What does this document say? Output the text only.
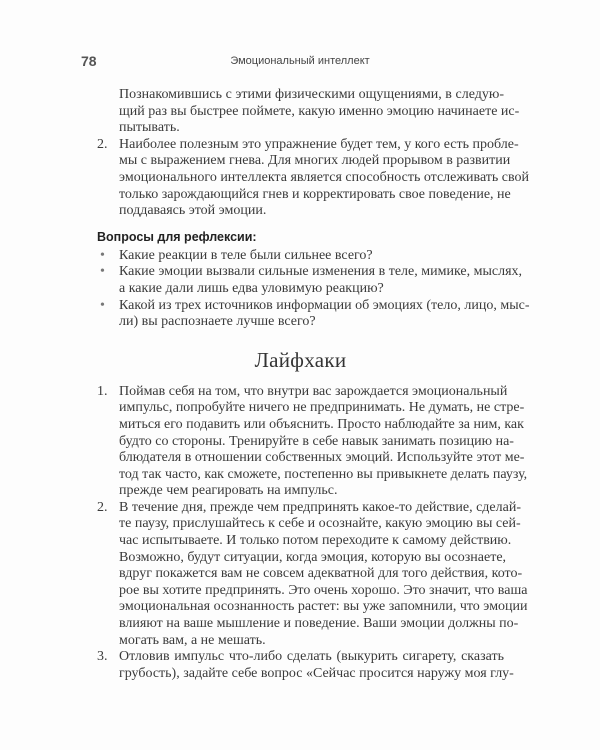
78	Эмоциональный интеллект
Познакомившись с этими физическими ощущениями, в следую-
щий раз вы быстрее поймете, какую именно эмоцию начинаете ис-
пытывать.
2. Наиболее полезным это упражнение будет тем, у кого есть пробле-
мы с выражением гнева. Для многих людей прорывом в развитии
эмоционального интеллекта является способность отслеживать свой
только зарождающийся гнев и корректировать свое поведение, не
поддаваясь этой эмоции.
Вопросы для рефлексии:
• Какие реакции в теле были сильнее всего?
• Какие эмоции вызвали сильные изменения в теле, мимике, мыслях,
а какие дали лишь едва уловимую реакцию?
• Какой из трех источников информации об эмоциях (тело, лицо, мыс-
ли) вы распознаете лучше всего?
Лайфхаки
1. Поймав себя на том, что внутри вас зарождается эмоциональный
импульс, попробуйте ничего не предпринимать. Не думать, не стре-
миться его подавить или объяснить. Просто наблюдайте за ним, как
будто со стороны. Тренируйте в себе навык занимать позицию на-
блюдателя в отношении собственных эмоций. Используйте этот ме-
тод так часто, как сможете, постепенно вы привыкнете делать паузу,
прежде чем реагировать на импульс.
2. В течение дня, прежде чем предпринять какое-то действие, сделай-
те паузу, прислушайтесь к себе и осознайте, какую эмоцию вы сей-
час испытываете. И только потом переходите к самому действию.
Возможно, будут ситуации, когда эмоция, которую вы осознаете,
вдруг покажется вам не совсем адекватной для того действия, кото-
рое вы хотите предпринять. Это очень хорошо. Это значит, что ваша
эмоциональная осознанность растет: вы уже запомнили, что эмоции
влияют на ваше мышление и поведение. Ваши эмоции должны по-
могать вам, а не мешать.
3. Отловив импульс что-либо сделать (выкурить сигарету, сказать
грубость), задайте себе вопрос «Сейчас просится наружу моя глу-
